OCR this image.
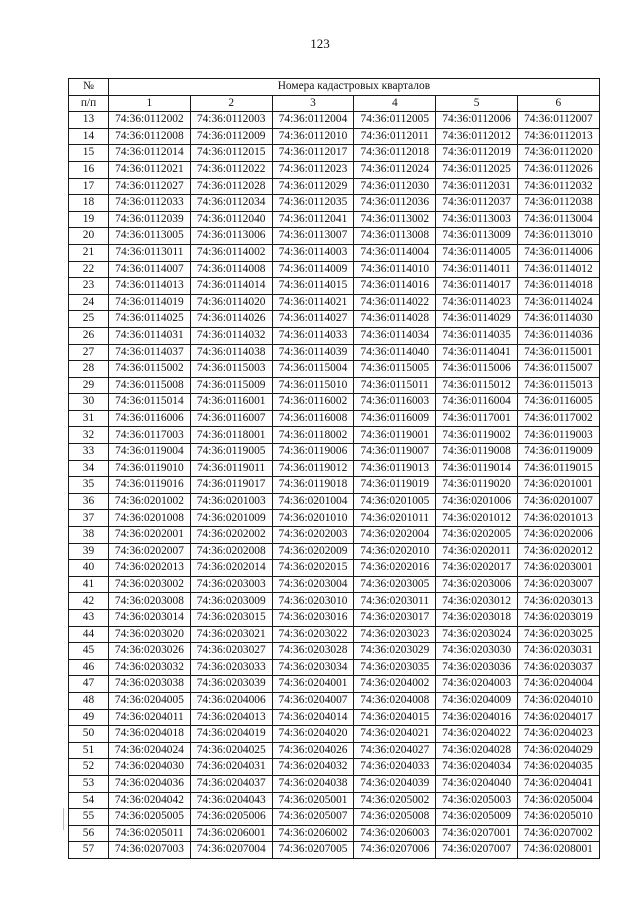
123
№	Номера кадастровых кварталов					
п/п	1	2	3	4	5	6
13	74:36:0112002	74:36:0112003	74:36:0112004	74:36:0112005	74:36:0112006	74:36:0112007
14	74:36:0112008	74:36:0112009	74:36:0112010	74:36:0112011	74:36:0112012	74:36:0112013
15	74:36:0112014	74:36:0112015	74:36:0112017	74:36:0112018	74:36:0112019	74:36:0112020
16	74:36:0112021	74:36:0112022	74:36:0112023	74:36:0112024	74:36:0112025	74:36:0112026
17	74:36:0112027	74:36:0112028	74:36:0112029	74:36:0112030	74:36:0112031	74:36:0112032
18	74:36:0112033	74:36:0112034	74:36:0112035	74:36:0112036	74:36:0112037	74:36:0112038
19	74:36:0112039	74:36:0112040	74:36:0112041	74:36:0113002	74:36:0113003	74:36:0113004
20	74:36:0113005	74:36:0113006	74:36:0113007	74:36:0113008	74:36:0113009	74:36:0113010
21	74:36:0113011	74:36:0114002	74:36:0114003	74:36:0114004	74:36:0114005	74:36:0114006
22	74:36:0114007	74:36:0114008	74:36:0114009	74:36:0114010	74:36:0114011	74:36:0114012
23	74:36:0114013	74:36:0114014	74:36:0114015	74:36:0114016	74:36:0114017	74:36:0114018
24	74:36:0114019	74:36:0114020	74:36:0114021	74:36:0114022	74:36:0114023	74:36:0114024
25	74:36:0114025	74:36:0114026	74:36:0114027	74:36:0114028	74:36:0114029	74:36:0114030
26	74:36:0114031	74:36:0114032	74:36:0114033	74:36:0114034	74:36:0114035	74:36:0114036
27	74:36:0114037	74:36:0114038	74:36:0114039	74:36:0114040	74:36:0114041	74:36:0115001
28	74:36:0115002	74:36:0115003	74:36:0115004	74:36:0115005	74:36:0115006	74:36:0115007
29	74:36:0115008	74:36:0115009	74:36:0115010	74:36:0115011	74:36:0115012	74:36:0115013
30	74:36:0115014	74:36:0116001	74:36:0116002	74:36:0116003	74:36:0116004	74:36:0116005
31	74:36:0116006	74:36:0116007	74:36:0116008	74:36:0116009	74:36:0117001	74:36:0117002
32	74:36:0117003	74:36:0118001	74:36:0118002	74:36:0119001	74:36:0119002	74:36:0119003
33	74:36:0119004	74:36:0119005	74:36:0119006	74:36:0119007	74:36:0119008	74:36:0119009
34	74:36:0119010	74:36:0119011	74:36:0119012	74:36:0119013	74:36:0119014	74:36:0119015
35	74:36:0119016	74:36:0119017	74:36:0119018	74:36:0119019	74:36:0119020	74:36:0201001
36	74:36:0201002	74:36:0201003	74:36:0201004	74:36:0201005	74:36:0201006	74:36:0201007
37	74:36:0201008	74:36:0201009	74:36:0201010	74:36:0201011	74:36:0201012	74:36:0201013
38	74:36:0202001	74:36:0202002	74:36:0202003	74:36:0202004	74:36:0202005	74:36:0202006
39	74:36:0202007	74:36:0202008	74:36:0202009	74:36:0202010	74:36:0202011	74:36:0202012
40	74:36:0202013	74:36:0202014	74:36:0202015	74:36:0202016	74:36:0202017	74:36:0203001
41	74:36:0203002	74:36:0203003	74:36:0203004	74:36:0203005	74:36:0203006	74:36:0203007
42	74:36:0203008	74:36:0203009	74:36:0203010	74:36:0203011	74:36:0203012	74:36:0203013
43	74:36:0203014	74:36:0203015	74:36:0203016	74:36:0203017	74:36:0203018	74:36:0203019
44	74:36:0203020	74:36:0203021	74:36:0203022	74:36:0203023	74:36:0203024	74:36:0203025
45	74:36:0203026	74:36:0203027	74:36:0203028	74:36:0203029	74:36:0203030	74:36:0203031
46	74:36:0203032	74:36:0203033	74:36:0203034	74:36:0203035	74:36:0203036	74:36:0203037
47	74:36:0203038	74:36:0203039	74:36:0204001	74:36:0204002	74:36:0204003	74:36:0204004
48	74:36:0204005	74:36:0204006	74:36:0204007	74:36:0204008	74:36:0204009	74:36:0204010
49	74:36:0204011	74:36:0204013	74:36:0204014	74:36:0204015	74:36:0204016	74:36:0204017
50	74:36:0204018	74:36:0204019	74:36:0204020	74:36:0204021	74:36:0204022	74:36:0204023
51	74:36:0204024	74:36:0204025	74:36:0204026	74:36:0204027	74:36:0204028	74:36:0204029
52	74:36:0204030	74:36:0204031	74:36:0204032	74:36:0204033	74:36:0204034	74:36:0204035
53	74:36:0204036	74:36:0204037	74:36:0204038	74:36:0204039	74:36:0204040	74:36:0204041
54	74:36:0204042	74:36:0204043	74:36:0205001	74:36:0205002	74:36:0205003	74:36:0205004
55	74:36:0205005	74:36:0205006	74:36:0205007	74:36:0205008	74:36:0205009	74:36:0205010
56	74:36:0205011	74:36:0206001	74:36:0206002	74:36:0206003	74:36:0207001	74:36:0207002
57	74:36:0207003	74:36:0207004	74:36:0207005	74:36:0207006	74:36:0207007	74:36:0208001
